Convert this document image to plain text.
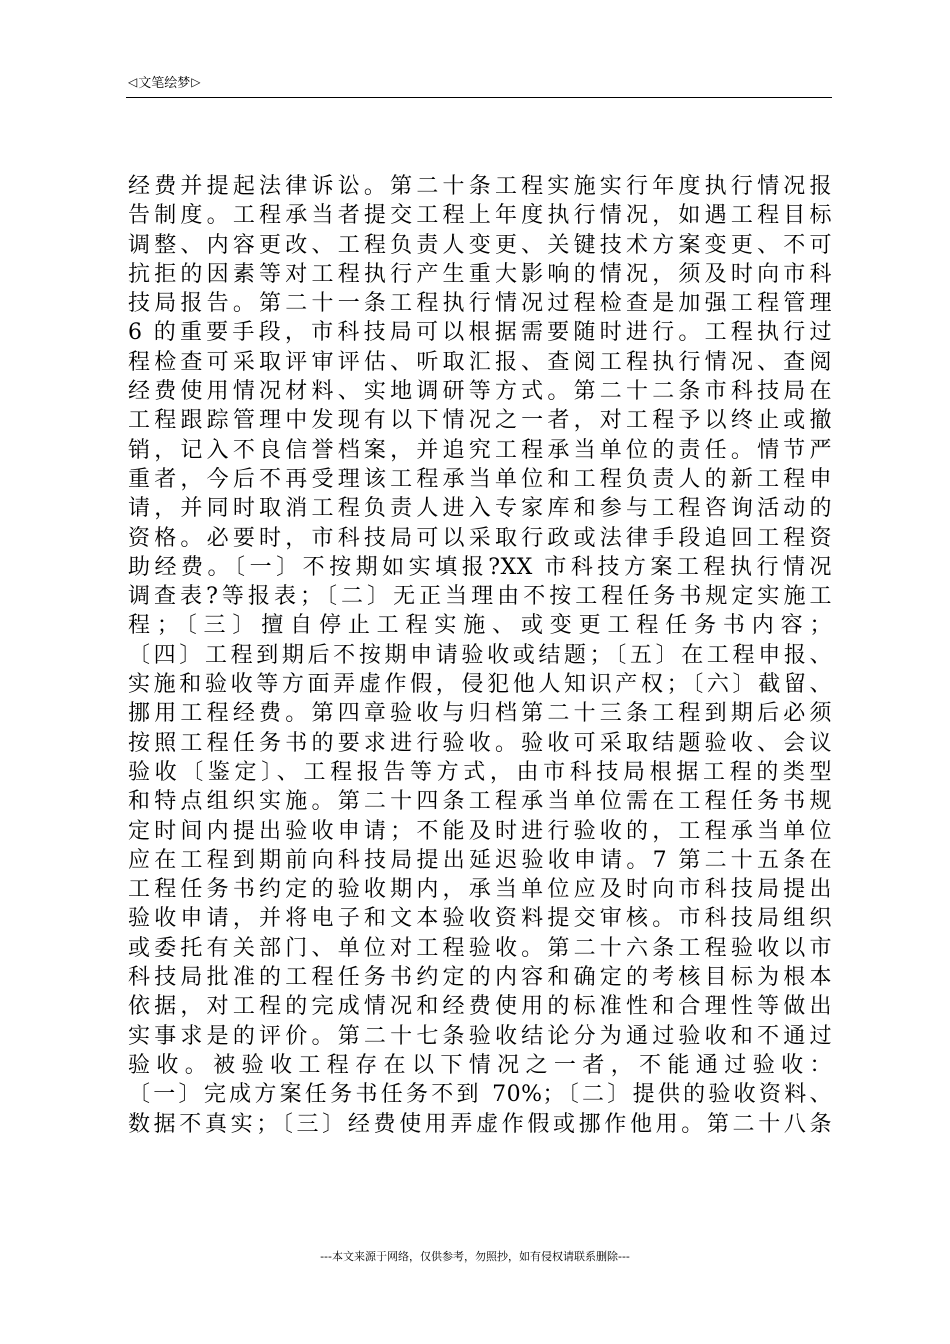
◁ 文笔绘梦 ▷
经费并提起法律诉讼。第二十条工程实施实行年度执行情况报
告制度。工程承当者提交工程上年度执行情况，如遇工程目标
调整、内容更改、工程负责人变更、关键技术方案变更、不可
抗拒的因素等对工程执行产生重大影响的情况，须及时向市科
技局报告。第二十一条工程执行情况过程检查是加强工程管理
6 的重要手段，市科技局可以根据需要随时进行。工程执行过
程检查可采取评审评估、听取汇报、查阅工程执行情况、查阅
经费使用情况材料、实地调研等方式。第二十二条市科技局在
工程跟踪管理中发现有以下情况之一者，对工程予以终止或撤
销，记入不良信誉档案，并追究工程承当单位的责任。情节严
重者，今后不再受理该工程承当单位和工程负责人的新工程申
请，并同时取消工程负责人进入专家库和参与工程咨询活动的
资格。必要时，市科技局可以采取行政或法律手段追回工程资
助经费。〔一〕不按期如实填报?XX 市科技方案工程执行情况
调查表?等报表；〔二〕无正当理由不按工程任务书规定实施工
程；〔三〕擅自停止工程实施、或变更工程任务书内容；
〔四〕工程到期后不按期申请验收或结题；〔五〕在工程申报、
实施和验收等方面弄虚作假，侵犯他人知识产权；〔六〕截留、
挪用工程经费。第四章验收与归档第二十三条工程到期后必须
按照工程任务书的要求进行验收。验收可采取结题验收、会议
验收〔鉴定〕、工程报告等方式，由市科技局根据工程的类型
和特点组织实施。第二十四条工程承当单位需在工程任务书规
定时间内提出验收申请；不能及时进行验收的，工程承当单位
应在工程到期前向科技局提出延迟验收申请。7 第二十五条在
工程任务书约定的验收期内，承当单位应及时向市科技局提出
验收申请，并将电子和文本验收资料提交审核。市科技局组织
或委托有关部门、单位对工程验收。第二十六条工程验收以市
科技局批准的工程任务书约定的内容和确定的考核目标为根本
依据，对工程的完成情况和经费使用的标准性和合理性等做出
实事求是的评价。第二十七条验收结论分为通过验收和不通过
验收。被验收工程存在以下情况之一者，不能通过验收：
〔一〕完成方案任务书任务不到 70%；〔二〕提供的验收资料、
数据不真实；〔三〕经费使用弄虚作假或挪作他用。第二十八条
---本文来源于网络，仅供参考，勿照抄，如有侵权请联系删除---
